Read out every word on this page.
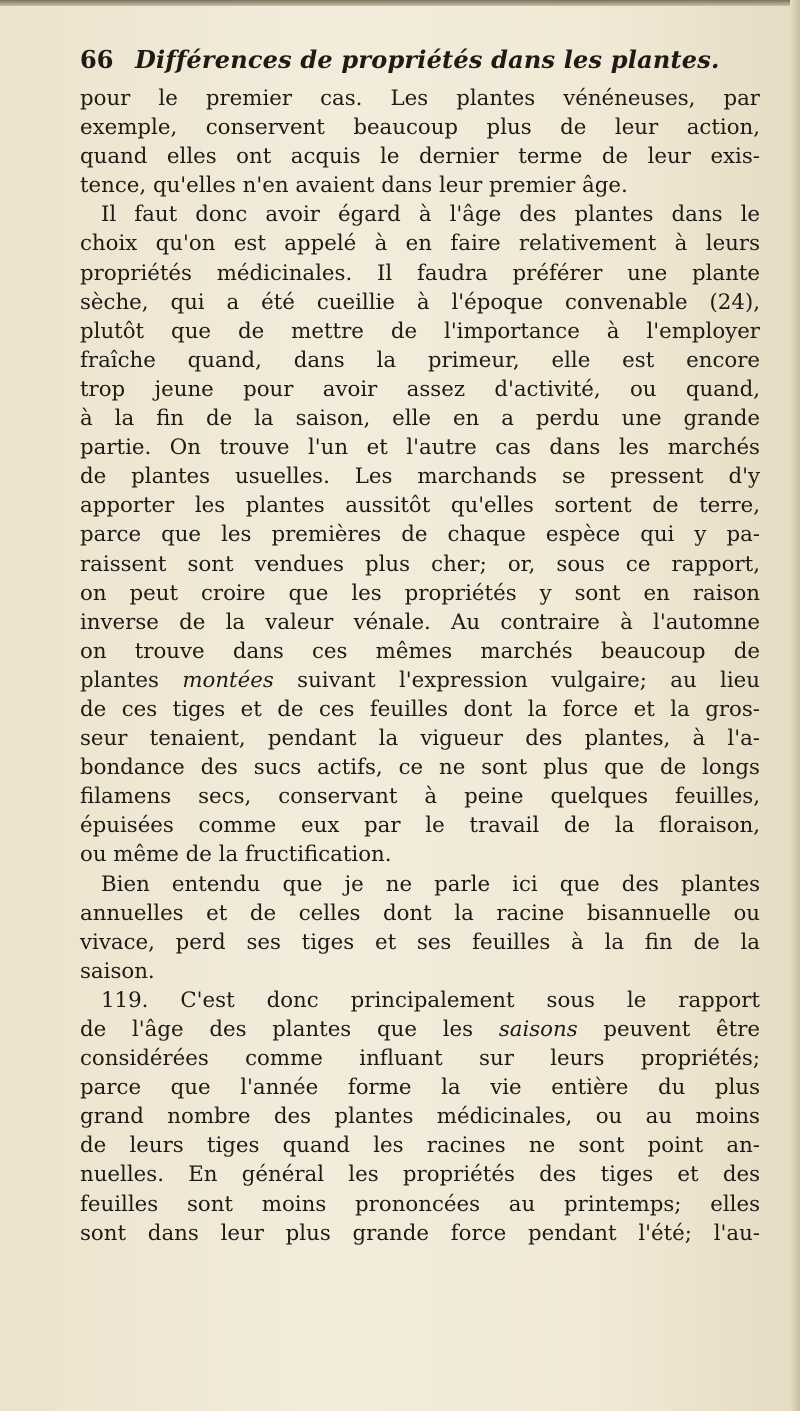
66 Différences de propriétés dans les plantes.
pour le premier cas. Les plantes vénéneuses, par
exemple, conservent beaucoup plus de leur action,
quand elles ont acquis le dernier terme de leur exis-
tence, qu'elles n'en avaient dans leur premier âge.
Il faut donc avoir égard à l'âge des plantes dans le
choix qu'on est appelé à en faire relativement à leurs
propriétés médicinales. Il faudra préférer une plante
sèche, qui a été cueillie à l'époque convenable (24),
plutôt que de mettre de l'importance à l'employer
fraîche quand, dans la primeur, elle est encore
trop jeune pour avoir assez d'activité, ou quand,
à la fin de la saison, elle en a perdu une grande
partie. On trouve l'un et l'autre cas dans les marchés
de plantes usuelles. Les marchands se pressent d'y
apporter les plantes aussitôt qu'elles sortent de terre,
parce que les premières de chaque espèce qui y pa-
raissent sont vendues plus cher; or, sous ce rapport,
on peut croire que les propriétés y sont en raison
inverse de la valeur vénale. Au contraire à l'automne
on trouve dans ces mêmes marchés beaucoup de
plantes montées suivant l'expression vulgaire; au lieu
de ces tiges et de ces feuilles dont la force et la gros-
seur tenaient, pendant la vigueur des plantes, à l'a-
bondance des sucs actifs, ce ne sont plus que de longs
filamens secs, conservant à peine quelques feuilles,
épuisées comme eux par le travail de la floraison,
ou même de la fructification.
Bien entendu que je ne parle ici que des plantes
annuelles et de celles dont la racine bisannuelle ou
vivace, perd ses tiges et ses feuilles à la fin de la
saison.
119. C'est donc principalement sous le rapport
de l'âge des plantes que les saisons peuvent être
considérées comme influant sur leurs propriétés;
parce que l'année forme la vie entière du plus
grand nombre des plantes médicinales, ou au moins
de leurs tiges quand les racines ne sont point an-
nuelles. En général les propriétés des tiges et des
feuilles sont moins prononcées au printemps; elles
sont dans leur plus grande force pendant l'été; l'au-
